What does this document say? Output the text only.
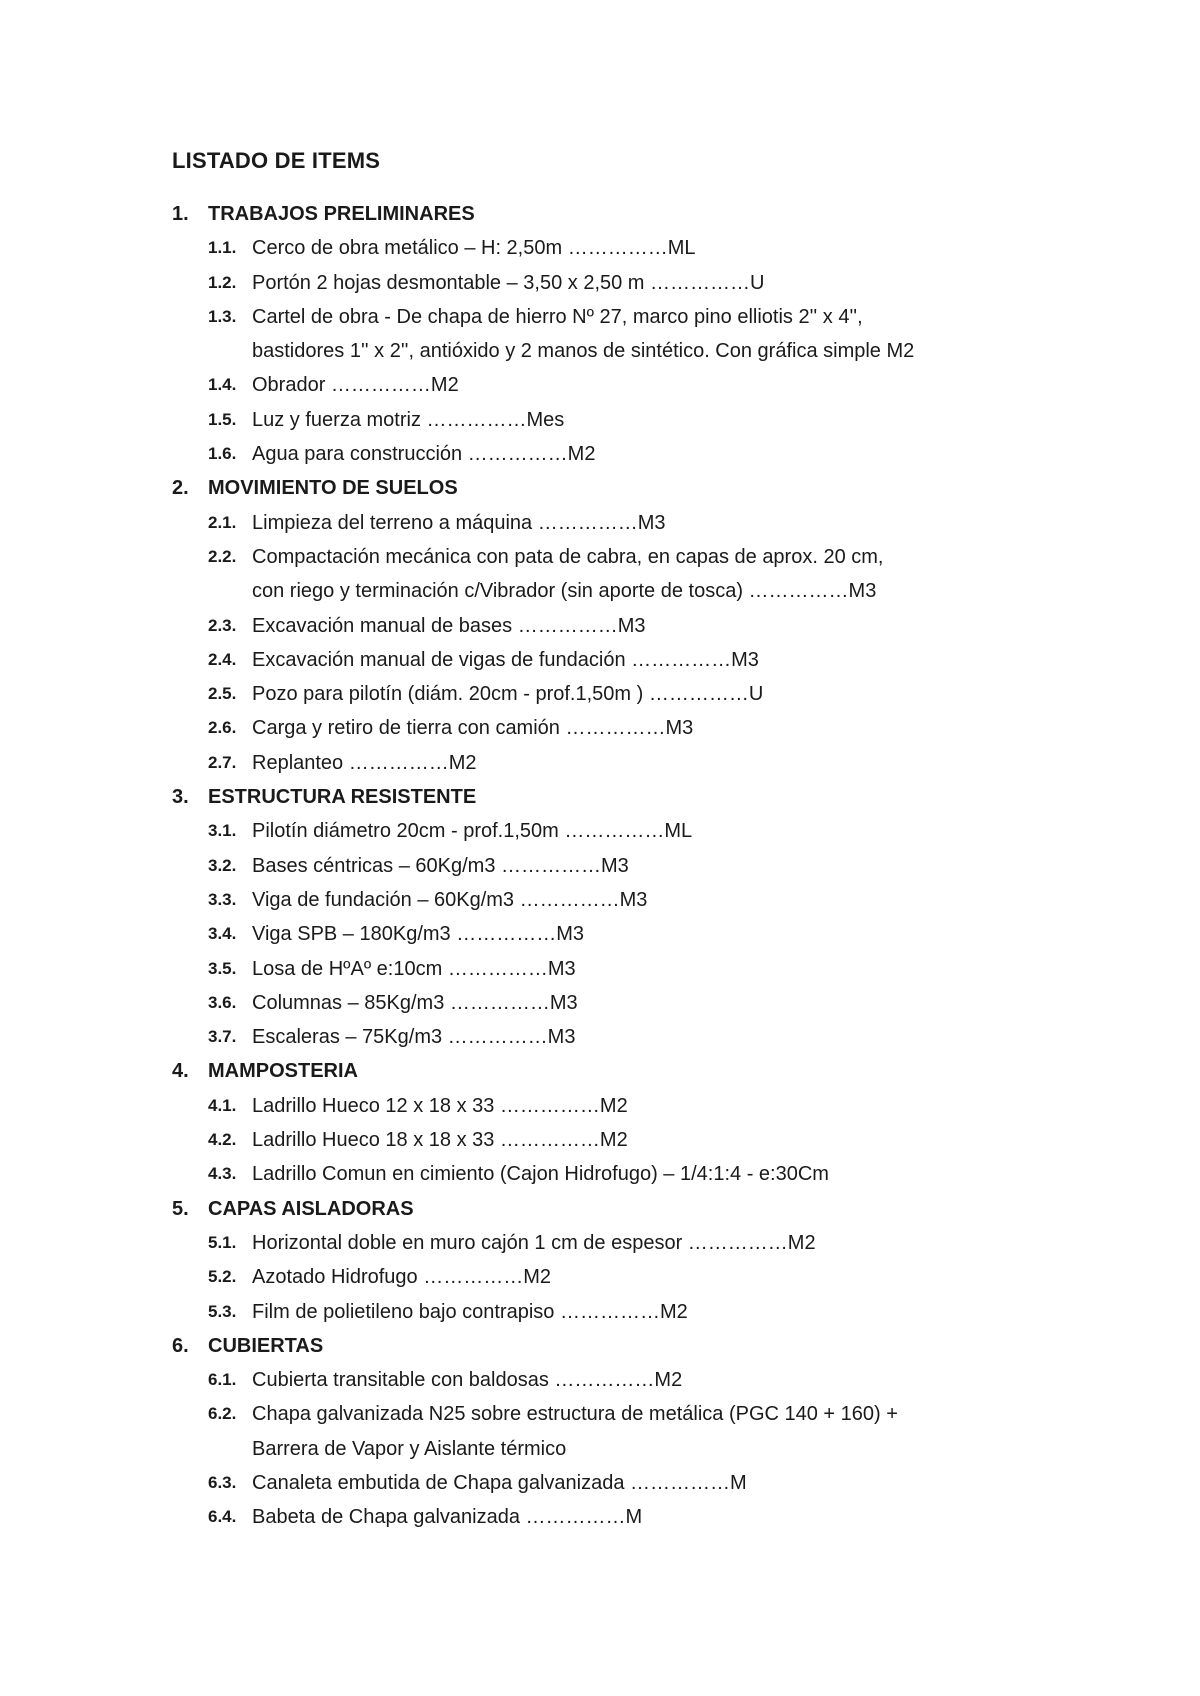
LISTADO DE ITEMS
1. TRABAJOS PRELIMINARES
1.1. Cerco de obra metálico – H: 2,50m ……………ML
1.2. Portón 2 hojas desmontable – 3,50 x 2,50 m ……………U
1.3. Cartel de obra - De chapa de hierro Nº 27, marco pino elliotis 2'' x 4'',
bastidores 1'' x 2'', antióxido y 2 manos de sintético. Con gráfica simple M2
1.4. Obrador ……………M2
1.5. Luz y fuerza motriz ……………Mes
1.6. Agua para construcción ……………M2
2. MOVIMIENTO DE SUELOS
2.1. Limpieza del terreno a máquina ……………M3
2.2. Compactación mecánica con pata de cabra, en capas de aprox. 20 cm,
con riego y terminación c/Vibrador (sin aporte de tosca) ……………M3
2.3. Excavación manual de bases ……………M3
2.4. Excavación manual de vigas de fundación ……………M3
2.5. Pozo para pilotín (diám. 20cm - prof.1,50m ) ……………U
2.6. Carga y retiro de tierra con camión ……………M3
2.7. Replanteo ……………M2
3. ESTRUCTURA RESISTENTE
3.1. Pilotín diámetro 20cm - prof.1,50m ……………ML
3.2. Bases céntricas – 60Kg/m3 ……………M3
3.3. Viga de fundación – 60Kg/m3 ……………M3
3.4. Viga SPB – 180Kg/m3 ……………M3
3.5. Losa de HºAº e:10cm ……………M3
3.6. Columnas – 85Kg/m3 ……………M3
3.7. Escaleras – 75Kg/m3 ……………M3
4. MAMPOSTERIA
4.1. Ladrillo Hueco 12 x 18 x 33 ……………M2
4.2. Ladrillo Hueco 18 x 18 x 33 ……………M2
4.3. Ladrillo Comun en cimiento (Cajon Hidrofugo) – 1/4:1:4 - e:30Cm
5. CAPAS AISLADORAS
5.1. Horizontal doble en muro cajón 1 cm de espesor ……………M2
5.2. Azotado Hidrofugo ……………M2
5.3. Film de polietileno bajo contrapiso ……………M2
6. CUBIERTAS
6.1. Cubierta transitable con baldosas ……………M2
6.2. Chapa galvanizada N25 sobre estructura de metálica (PGC 140 + 160) +
Barrera de Vapor y Aislante térmico
6.3. Canaleta embutida de Chapa galvanizada ……………M
6.4. Babeta de Chapa galvanizada ……………M
